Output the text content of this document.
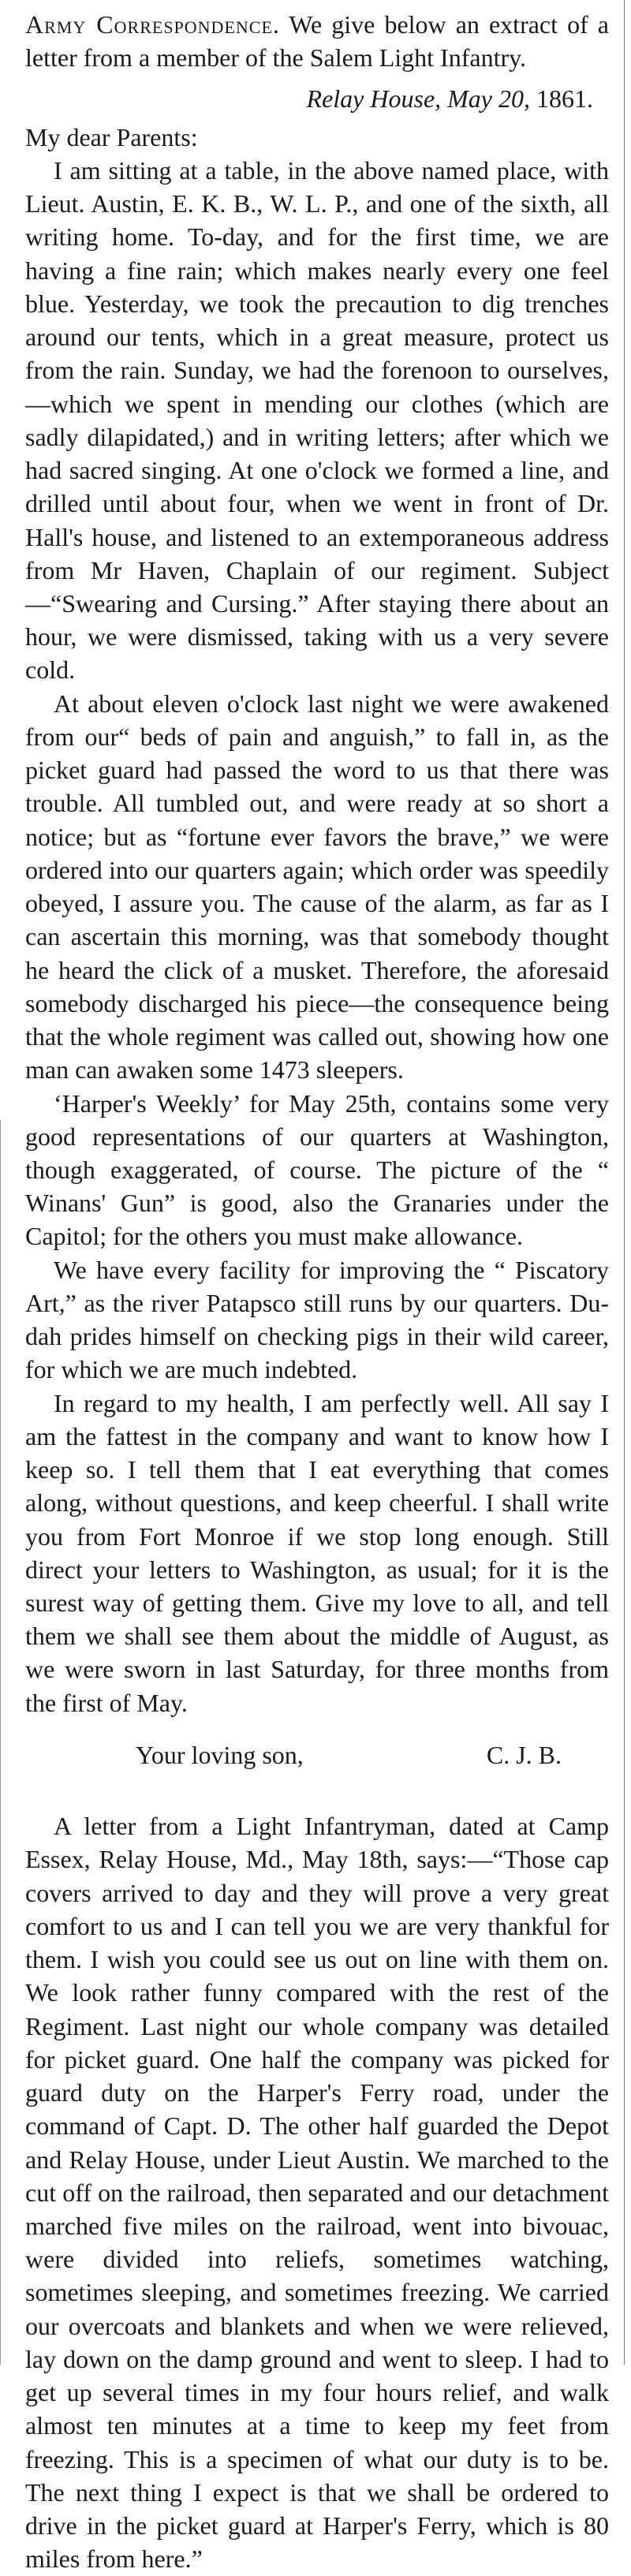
Army Correspondence. We give below an extract of a letter from a member of the Salem Light Infantry.

Relay House, May 20, 1861.

My dear Parents:

I am sitting at a table, in the above named place, with Lieut. Austin, E. K. B., W. L. P., and one of the sixth, all writing home. To-day, and for the first time, we are having a fine rain; which makes nearly every one feel blue. Yesterday, we took the precaution to dig trenches around our tents, which in a great measure, protect us from the rain. Sunday, we had the forenoon to ourselves,—which we spent in mending our clothes (which are sadly dilapidated,) and in writing letters; after which we had sacred singing. At one o'clock we formed a line, and drilled until about four, when we went in front of Dr. Hall's house, and listened to an extemporaneous address from Mr Haven, Chaplain of our regiment. Subject—“Swearing and Cursing.” After staying there about an hour, we were dismissed, taking with us a very severe cold.

At about eleven o'clock last night we were awakened from our“ beds of pain and anguish,” to fall in, as the picket guard had passed the word to us that there was trouble. All tumbled out, and were ready at so short a notice; but as “fortune ever favors the brave,” we were ordered into our quarters again; which order was speedily obeyed, I assure you. The cause of the alarm, as far as I can ascertain this morning, was that somebody thought he heard the click of a musket. Therefore, the aforesaid somebody discharged his piece—the consequence being that the whole regiment was called out, showing how one man can awaken some 1473 sleepers.

‘Harper's Weekly’ for May 25th, contains some very good representations of our quarters at Washington, though exaggerated, of course. The picture of the “ Winans' Gun” is good, also the Granaries under the Capitol; for the others you must make allowance.

We have every facility for improving the “ Piscatory Art,” as the river Patapsco still runs by our quarters. Du-dah prides himself on checking pigs in their wild career, for which we are much indebted.

In regard to my health, I am perfectly well. All say I am the fattest in the company and want to know how I keep so. I tell them that I eat everything that comes along, without questions, and keep cheerful. I shall write you from Fort Monroe if we stop long enough. Still direct your letters to Washington, as usual; for it is the surest way of getting them. Give my love to all, and tell them we shall see them about the middle of August, as we were sworn in last Saturday, for three months from the first of May.

Your loving son,	C. J. B.

A letter from a Light Infantryman, dated at Camp Essex, Relay House, Md., May 18th, says:—“Those cap covers arrived to day and they will prove a very great comfort to us and I can tell you we are very thankful for them. I wish you could see us out on line with them on. We look rather funny compared with the rest of the Regiment. Last night our whole company was detailed for picket guard. One half the company was picked for guard duty on the Harper's Ferry road, under the command of Capt. D. The other half guarded the Depot and Relay House, under Lieut Austin. We marched to the cut off on the railroad, then separated and our detachment marched five miles on the railroad, went into bivouac, were divided into reliefs, sometimes watching, sometimes sleeping, and sometimes freezing. We carried our overcoats and blankets and when we were relieved, lay down on the damp ground and went to sleep. I had to get up several times in my four hours relief, and walk almost ten minutes at a time to keep my feet from freezing. This is a specimen of what our duty is to be. The next thing I expect is that we shall be ordered to drive in the picket guard at Harper's Ferry, which is 80 miles from here.”
